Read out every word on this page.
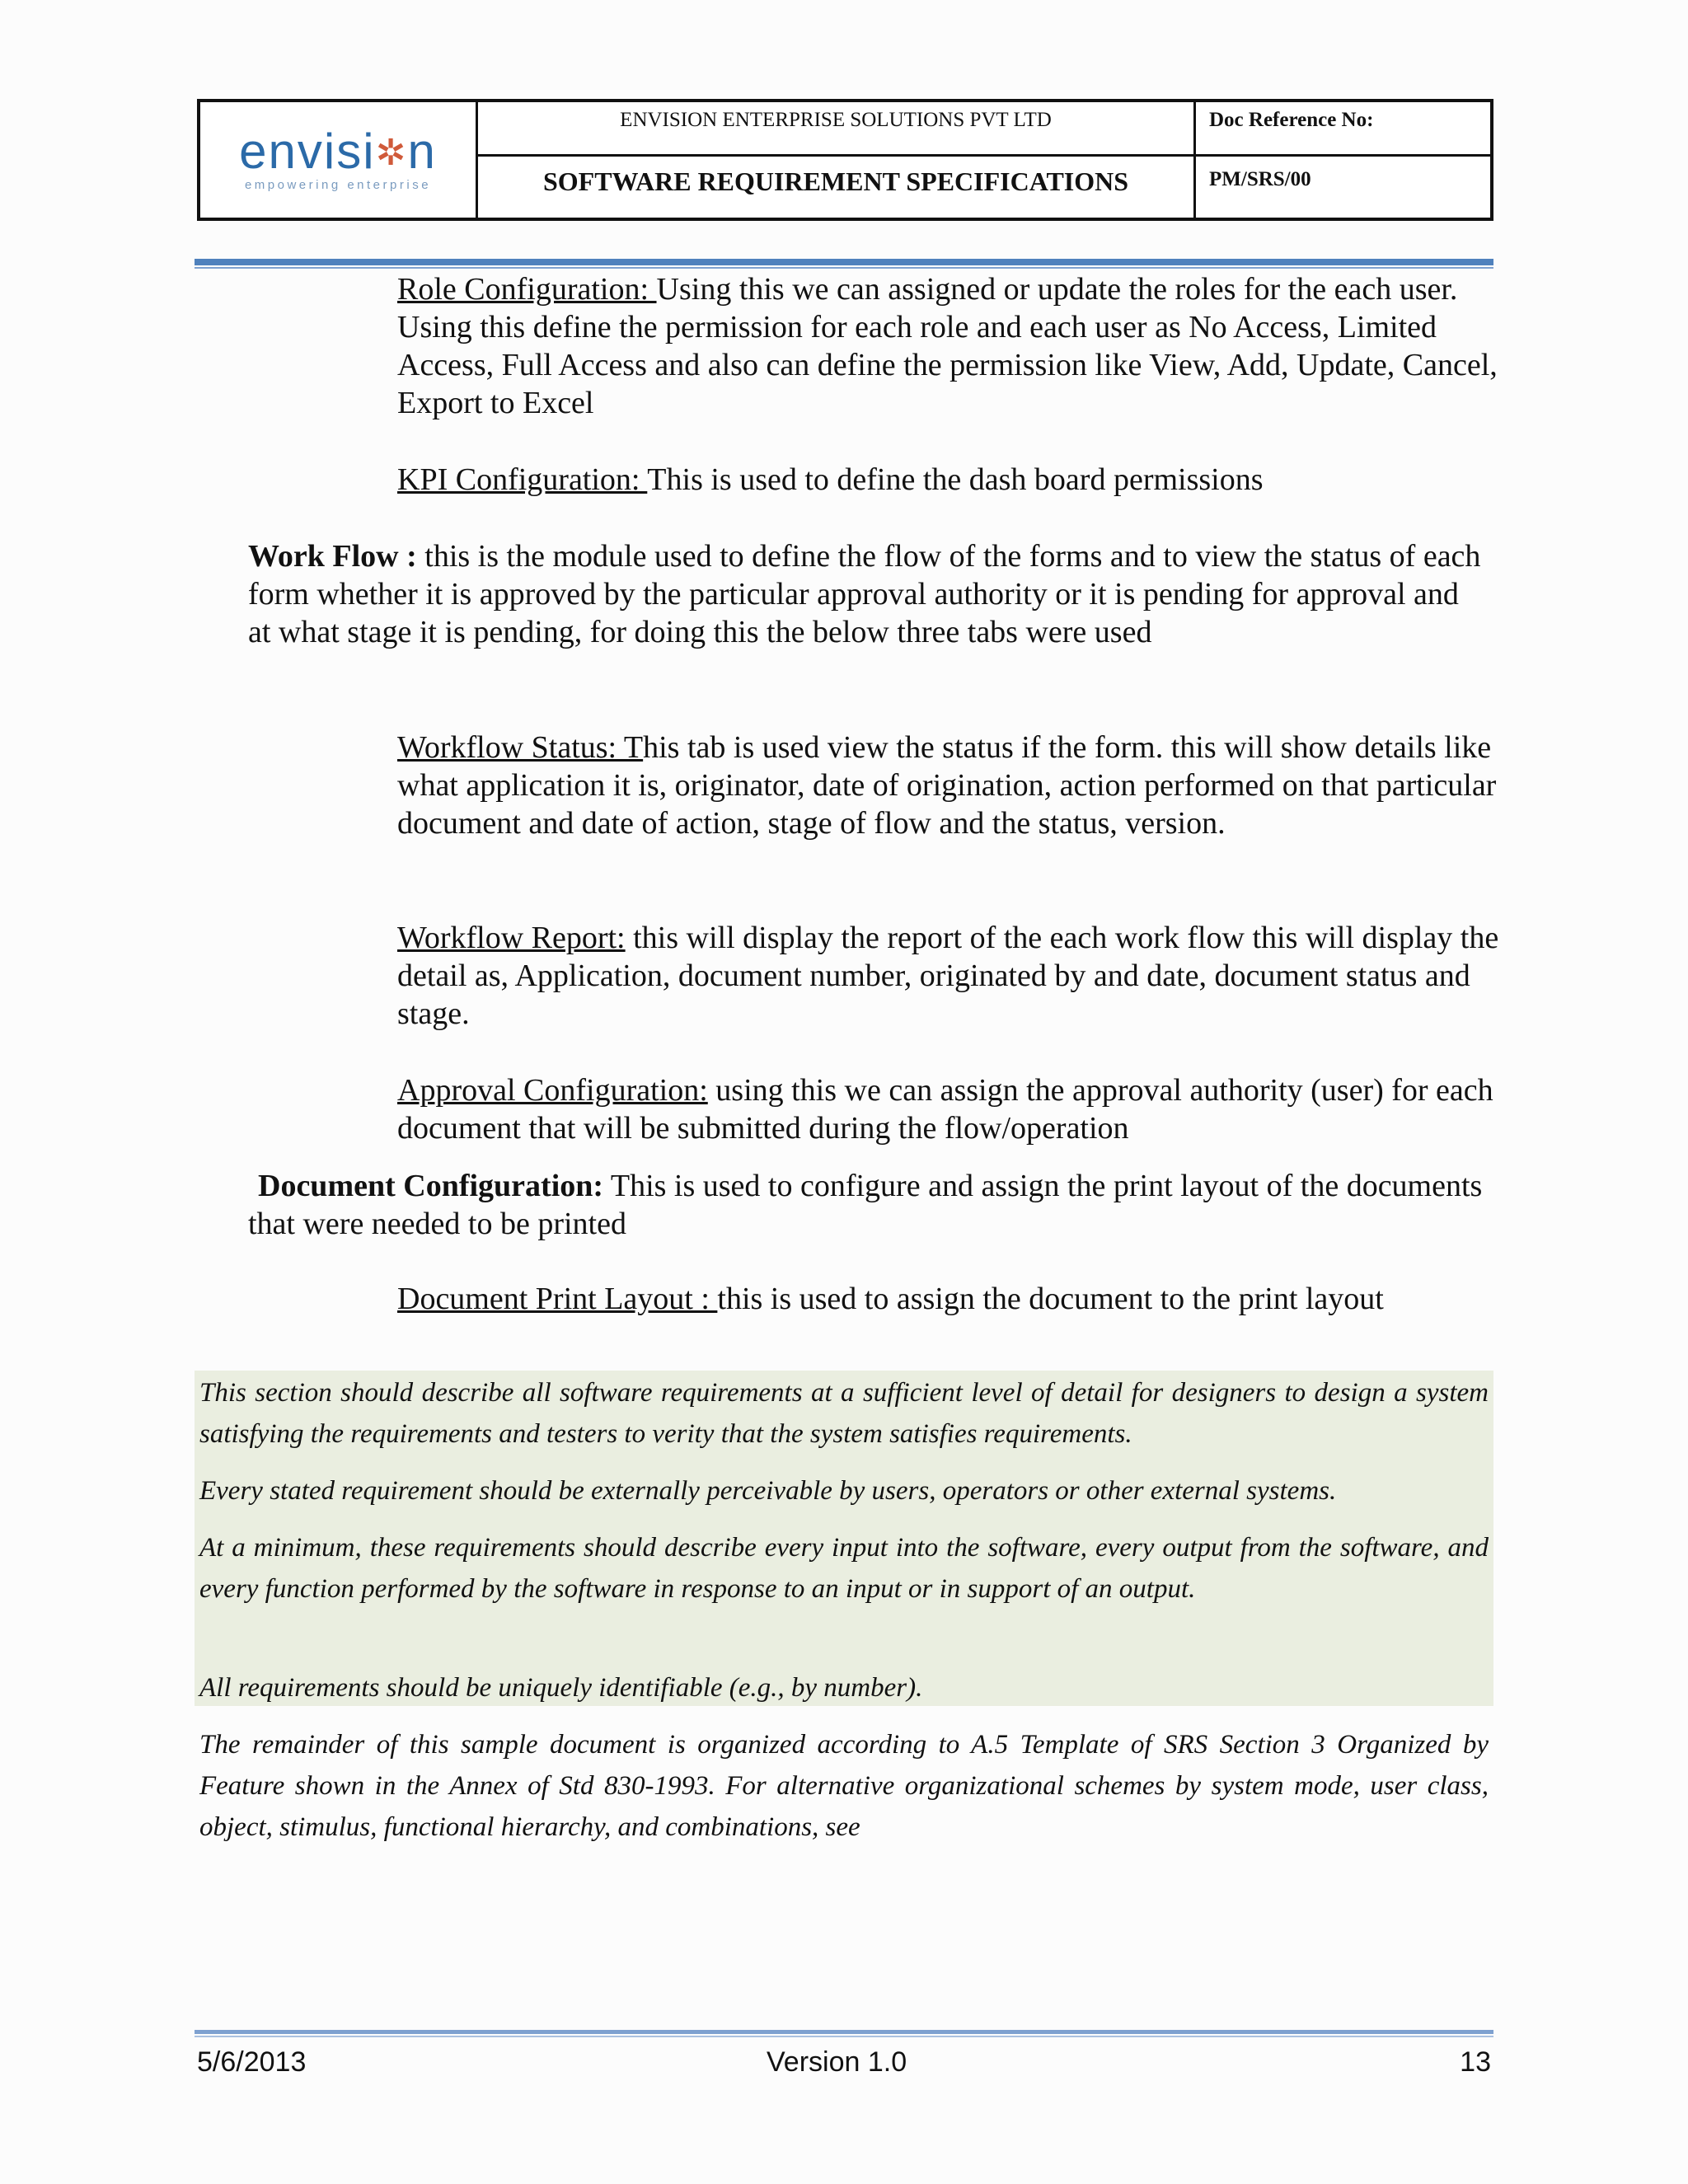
envisi✲n
empowering enterprise
ENVISION ENTERPRISE SOLUTIONS PVT LTD	Doc Reference No:
SOFTWARE REQUIREMENT SPECIFICATIONS	PM/SRS/00

Role Configuration: Using this we can assigned or update the roles for the each user. Using this define the permission for each role and each user as No Access, Limited Access, Full Access and also can define the permission like View, Add, Update, Cancel, Export to Excel

KPI Configuration: This is used to define the dash board permissions

Work Flow : this is the module used to define the flow of the forms and to view the status of each form whether it is approved by the particular approval authority or it is pending for approval and at what stage it is pending, for doing this the below three tabs were used

Workflow Status: This tab is used view the status if the form. this will show details like what application it is, originator, date of origination, action performed on that particular document and date of action, stage of flow and the status, version.

Workflow Report: this will display the report of the each work flow this will display the detail as, Application, document number, originated by and date, document status and stage.

Approval Configuration: using this we can assign the approval authority (user) for each document that will be submitted during the flow/operation

Document Configuration: This is used to configure and assign the print layout of the documents that were needed to be printed

Document Print Layout : this is used to assign the document to the print layout

This section should describe all software requirements at a sufficient level of detail for designers to design a system satisfying the requirements and testers to verity that the system satisfies requirements.

Every stated requirement should be externally perceivable by users, operators or other external systems.

At a minimum, these requirements should describe every input into the software, every output from the software, and every function performed by the software in response to an input or in support of an output.

All requirements should be uniquely identifiable (e.g., by number).

The remainder of this sample document is organized according to A.5 Template of SRS Section 3 Organized by Feature shown in the Annex of Std 830-1993. For alternative organizational schemes by system mode, user class, object, stimulus, functional hierarchy, and combinations, see

5/6/2013	Version 1.0	13
